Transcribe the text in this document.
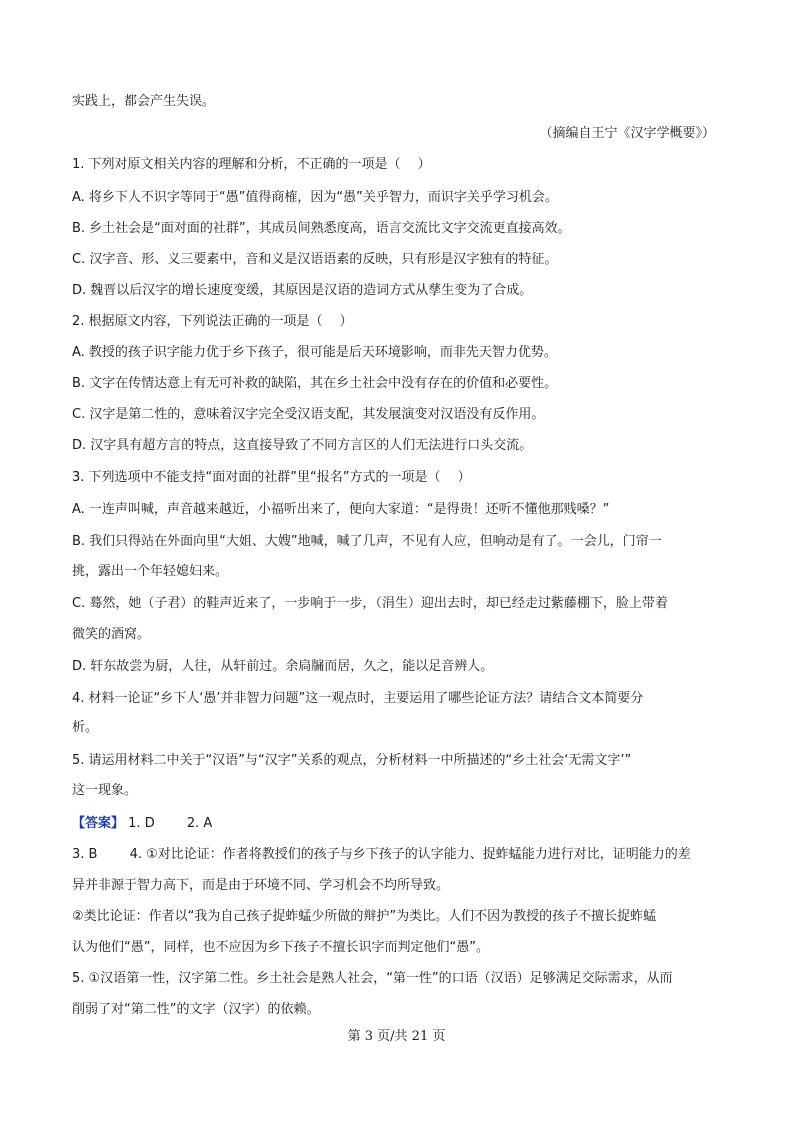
实践上，都会产生失误。
（摘编自王宁《汉字学概要》）
1. 下列对原文相关内容的理解和分析，不正确的一项是（　 ）
A. 将乡下人不识字等同于“愚”值得商榷，因为“愚”关乎智力，而识字关乎学习机会。
B. 乡土社会是“面对面的社群”，其成员间熟悉度高，语言交流比文字交流更直接高效。
C. 汉字音、形、义三要素中，音和义是汉语语素的反映，只有形是汉字独有的特征。
D. 魏晋以后汉字的增长速度变缓，其原因是汉语的造词方式从孳生变为了合成。
2. 根据原文内容，下列说法正确的一项是（　 ）
A. 教授的孩子识字能力优于乡下孩子，很可能是后天环境影响，而非先天智力优势。
B. 文字在传情达意上有无可补救的缺陷，其在乡土社会中没有存在的价值和必要性。
C. 汉字是第二性的，意味着汉字完全受汉语支配，其发展演变对汉语没有反作用。
D. 汉字具有超方言的特点，这直接导致了不同方言区的人们无法进行口头交流。
3. 下列选项中不能支持“面对面的社群”里“报名”方式的一项是（　 ）
A. 一连声叫喊，声音越来越近，小福听出来了，便向大家道：“是得贵！还听不懂他那贱嗓？”
B. 我们只得站在外面向里“大姐、大嫂”地喊，喊了几声，不见有人应，但响动是有了。一会儿，门帘一
挑，露出一个年轻媳妇来。
C. 蓦然，她（子君）的鞋声近来了，一步响于一步，（涓生）迎出去时，却已经走过紫藤棚下，脸上带着
微笑的酒窝。
D. 轩东故尝为厨，人往，从轩前过。余扃牖而居，久之，能以足音辨人。
4. 材料一论证“乡下人‘愚’并非智力问题”这一观点时，主要运用了哪些论证方法？请结合文本简要分
析。
5. 请运用材料二中关于“汉语”与“汉字”关系的观点，分析材料一中所描述的“乡土社会‘无需文字’”
这一现象。
【答案】 1. D 2. A
3. B 4. ①对比论证：作者将教授们的孩子与乡下孩子的认字能力、捉蚱蜢能力进行对比，证明能力的差
异并非源于智力高下，而是由于环境不同、学习机会不均所导致。
②类比论证：作者以“我为自己孩子捉蚱蜢少所做的辩护”为类比。人们不因为教授的孩子不擅长捉蚱蜢
认为他们“愚”，同样，也不应因为乡下孩子不擅长识字而判定他们“愚”。
5. ①汉语第一性，汉字第二性。乡土社会是熟人社会，“第一性”的口语（汉语）足够满足交际需求，从而
削弱了对“第二性”的文字（汉字）的依赖。
第 3 页/共 21 页
